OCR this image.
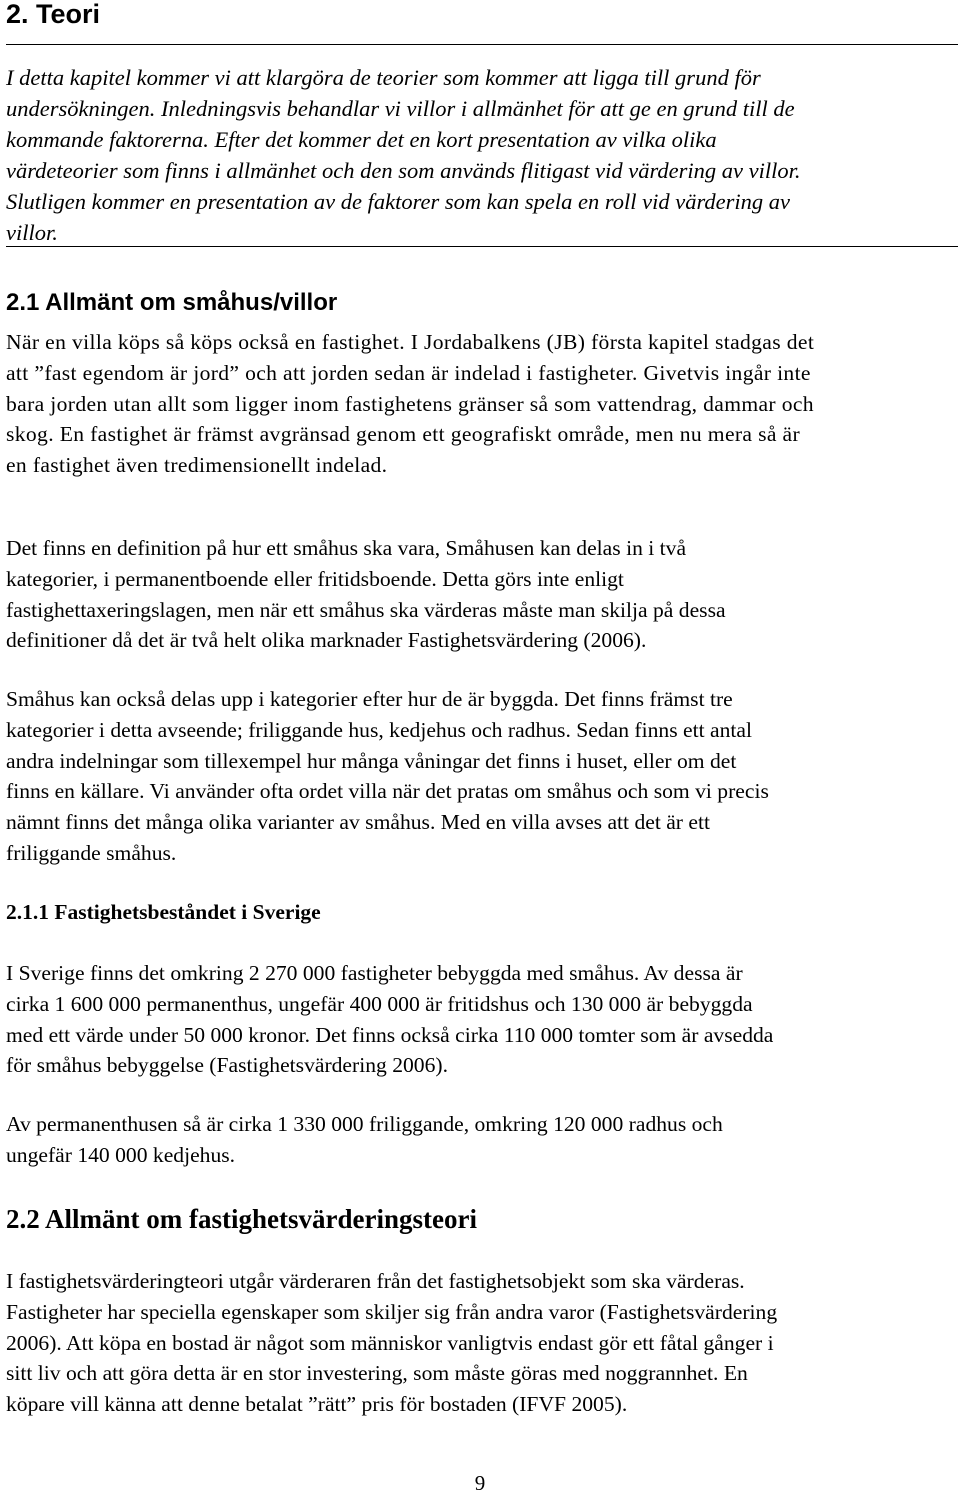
2. Teori

I detta kapitel kommer vi att klargöra de teorier som kommer att ligga till grund för
undersökningen. Inledningsvis behandlar vi villor i allmänhet för att ge en grund till de
kommande faktorerna. Efter det kommer det en kort presentation av vilka olika
värdeteorier som finns i allmänhet och den som används flitigast vid värdering av villor.
Slutligen kommer en presentation av de faktorer som kan spela en roll vid värdering av
villor.

2.1 Allmänt om småhus/villor

När en villa köps så köps också en fastighet. I Jordabalkens (JB) första kapitel stadgas det
att ”fast egendom är jord” och att jorden sedan är indelad i fastigheter. Givetvis ingår inte
bara jorden utan allt som ligger inom fastighetens gränser så som vattendrag, dammar och
skog. En fastighet är främst avgränsad genom ett geografiskt område, men nu mera så är
en fastighet även tredimensionellt indelad.

Det finns en definition på hur ett småhus ska vara, Småhusen kan delas in i två
kategorier, i permanentboende eller fritidsboende. Detta görs inte enligt
fastighettaxeringslagen, men när ett småhus ska värderas måste man skilja på dessa
definitioner då det är två helt olika marknader Fastighetsvärdering (2006).

Småhus kan också delas upp i kategorier efter hur de är byggda. Det finns främst tre
kategorier i detta avseende; friliggande hus, kedjehus och radhus. Sedan finns ett antal
andra indelningar som tillexempel hur många våningar det finns i huset, eller om det
finns en källare. Vi använder ofta ordet villa när det pratas om småhus och som vi precis
nämnt finns det många olika varianter av småhus. Med en villa avses att det är ett
friliggande småhus.

2.1.1 Fastighetsbeståndet i Sverige

I Sverige finns det omkring 2 270 000 fastigheter bebyggda med småhus. Av dessa är
cirka 1 600 000 permanenthus, ungefär 400 000 är fritidshus och 130 000 är bebyggda
med ett värde under 50 000 kronor. Det finns också cirka 110 000 tomter som är avsedda
för småhus bebyggelse (Fastighetsvärdering 2006).

Av permanenthusen så är cirka 1 330 000 friliggande, omkring 120 000 radhus och
ungefär 140 000 kedjehus.

2.2 Allmänt om fastighetsvärderingsteori

I fastighetsvärderingteori utgår värderaren från det fastighetsobjekt som ska värderas.
Fastigheter har speciella egenskaper som skiljer sig från andra varor (Fastighetsvärdering
2006). Att köpa en bostad är något som människor vanligtvis endast gör ett fåtal gånger i
sitt liv och att göra detta är en stor investering, som måste göras med noggrannhet. En
köpare vill känna att denne betalat ”rätt” pris för bostaden (IFVF 2005).

9
